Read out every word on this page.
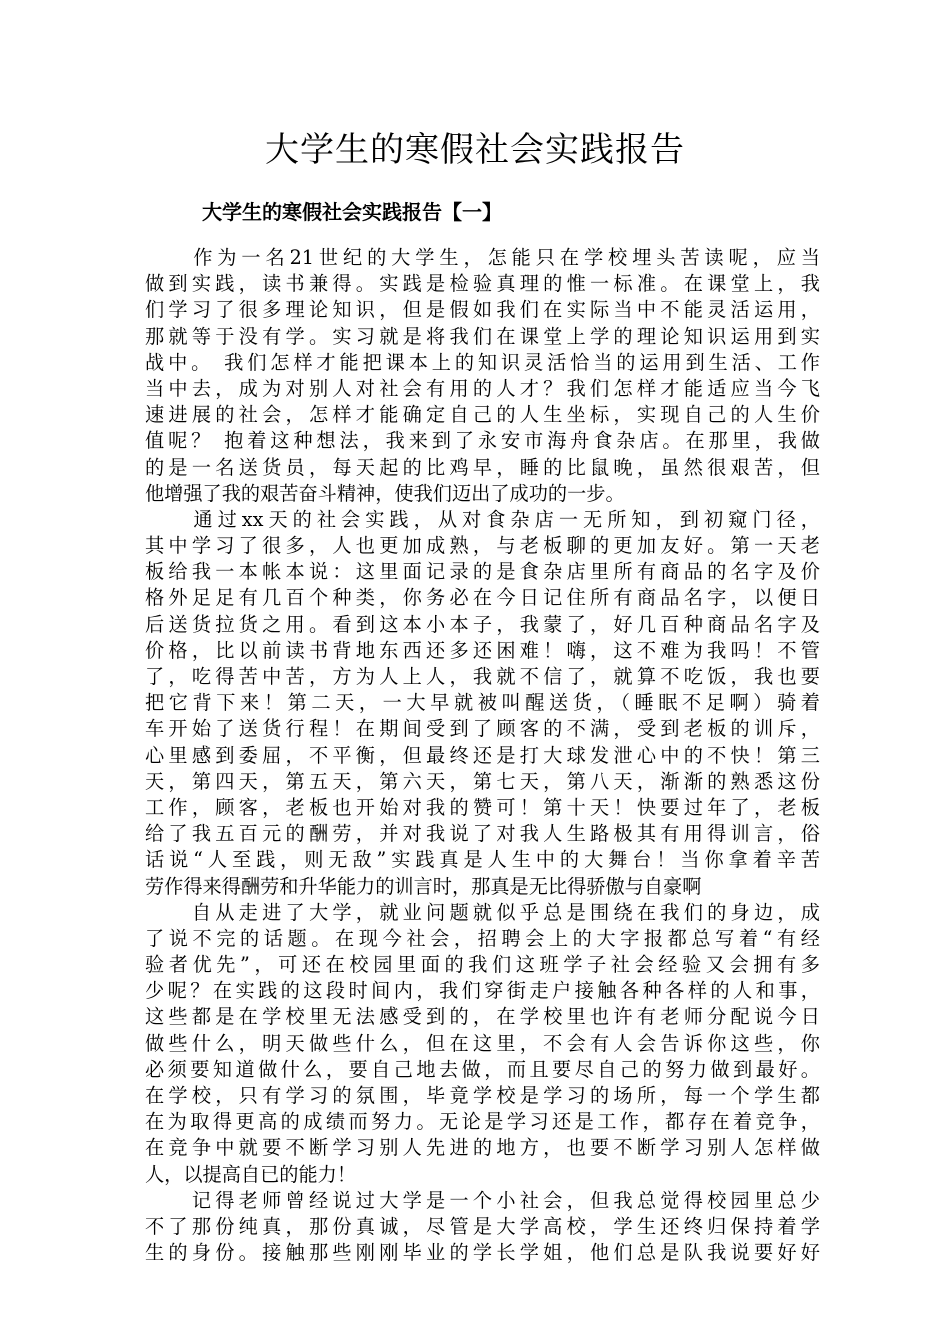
大学生的寒假社会实践报告
大学生的寒假社会实践报告【一】
　　作为一名21世纪的大学生，怎能只在学校埋头苦读呢，应当
做到实践，读书兼得。实践是检验真理的惟一标准。在课堂上，我
们学习了很多理论知识，但是假如我们在实际当中不能灵活运用，
那就等于没有学。实习就是将我们在课堂上学的理论知识运用到实
战中。 我们怎样才能把课本上的知识灵活恰当的运用到生活、工作
当中去，成为对别人对社会有用的人才？我们怎样才能适应当今飞
速进展的社会，怎样才能确定自己的人生坐标，实现自己的人生价
值呢？ 抱着这种想法，我来到了永安市海舟食杂店。在那里，我做
的是一名送货员，每天起的比鸡早，睡的比鼠晚，虽然很艰苦，但
他增强了我的艰苦奋斗精神，使我们迈出了成功的一步。
　　通过xx天的社会实践，从对食杂店一无所知，到初窥门径，
其中学习了很多，人也更加成熟，与老板聊的更加友好。第一天老
板给我一本帐本说：这里面记录的是食杂店里所有商品的名字及价
格外足足有几百个种类，你务必在今日记住所有商品名字，以便日
后送货拉货之用。看到这本小本子，我蒙了，好几百种商品名字及
价格，比以前读书背地东西还多还困难！嗨，这不难为我吗！不管
了，吃得苦中苦，方为人上人，我就不信了，就算不吃饭，我也要
把它背下来！第二天，一大早就被叫醒送货，（睡眠不足啊）骑着
车开始了送货行程！在期间受到了顾客的不满，受到老板的训斥，
心里感到委屈，不平衡，但最终还是打大球发泄心中的不快！第三
天，第四天，第五天，第六天，第七天，第八天，渐渐的熟悉这份
工作，顾客，老板也开始对我的赞可！第十天！快要过年了，老板
给了我五百元的酬劳，并对我说了对我人生路极其有用得训言，俗
话说“人至践，则无敌”实践真是人生中的大舞台！当你拿着辛苦
劳作得来得酬劳和升华能力的训言时，那真是无比得骄傲与自豪啊
　　自从走进了大学，就业问题就似乎总是围绕在我们的身边，成
了说不完的话题。在现今社会，招聘会上的大字报都总写着“有经
验者优先”，可还在校园里面的我们这班学子社会经验又会拥有多
少呢？在实践的这段时间内，我们穿街走户接触各种各样的人和事，
这些都是在学校里无法感受到的，在学校里也许有老师分配说今日
做些什么，明天做些什么，但在这里，不会有人会告诉你这些，你
必须要知道做什么，要自己地去做，而且要尽自己的努力做到最好。
在学校，只有学习的氛围，毕竟学校是学习的场所，每一个学生都
在为取得更高的成绩而努力。无论是学习还是工作，都存在着竞争，
在竞争中就要不断学习别人先进的地方，也要不断学习别人怎样做
人，以提高自已的能力！
　　记得老师曾经说过大学是一个小社会，但我总觉得校园里总少
不了那份纯真，那份真诚，尽管是大学高校，学生还终归保持着学
生的身份。接触那些刚刚毕业的学长学姐，他们总是队我说要好好
